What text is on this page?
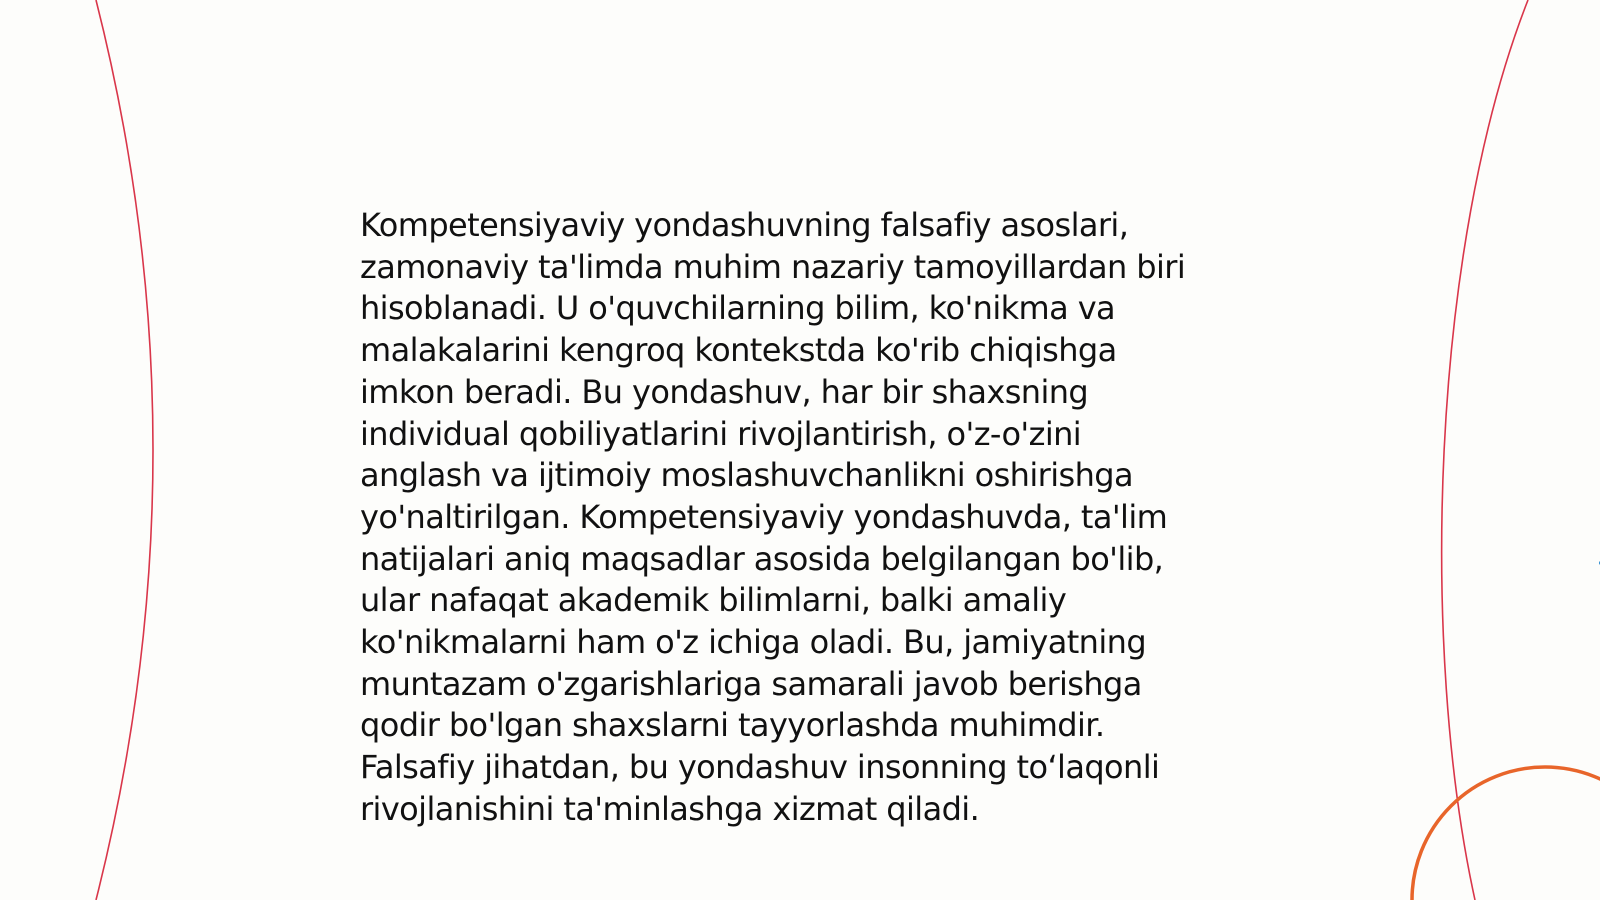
Kompetensiyaviy yondashuvning falsafiy asoslari,
zamonaviy ta'limda muhim nazariy tamoyillardan biri
hisoblanadi. U o'quvchilarning bilim, ko'nikma va
malakalarini kengroq kontekstda ko'rib chiqishga
imkon beradi. Bu yondashuv, har bir shaxsning
individual qobiliyatlarini rivojlantirish, o'z-o'zini
anglash va ijtimoiy moslashuvchanlikni oshirishga
yo'naltirilgan. Kompetensiyaviy yondashuvda, ta'lim
natijalari aniq maqsadlar asosida belgilangan bo'lib,
ular nafaqat akademik bilimlarni, balki amaliy
ko'nikmalarni ham o'z ichiga oladi. Bu, jamiyatning
muntazam o'zgarishlariga samarali javob berishga
qodir bo'lgan shaxslarni tayyorlashda muhimdir.
Falsafiy jihatdan, bu yondashuv insonning to‘laqonli
rivojlanishini ta'minlashga xizmat qiladi.
